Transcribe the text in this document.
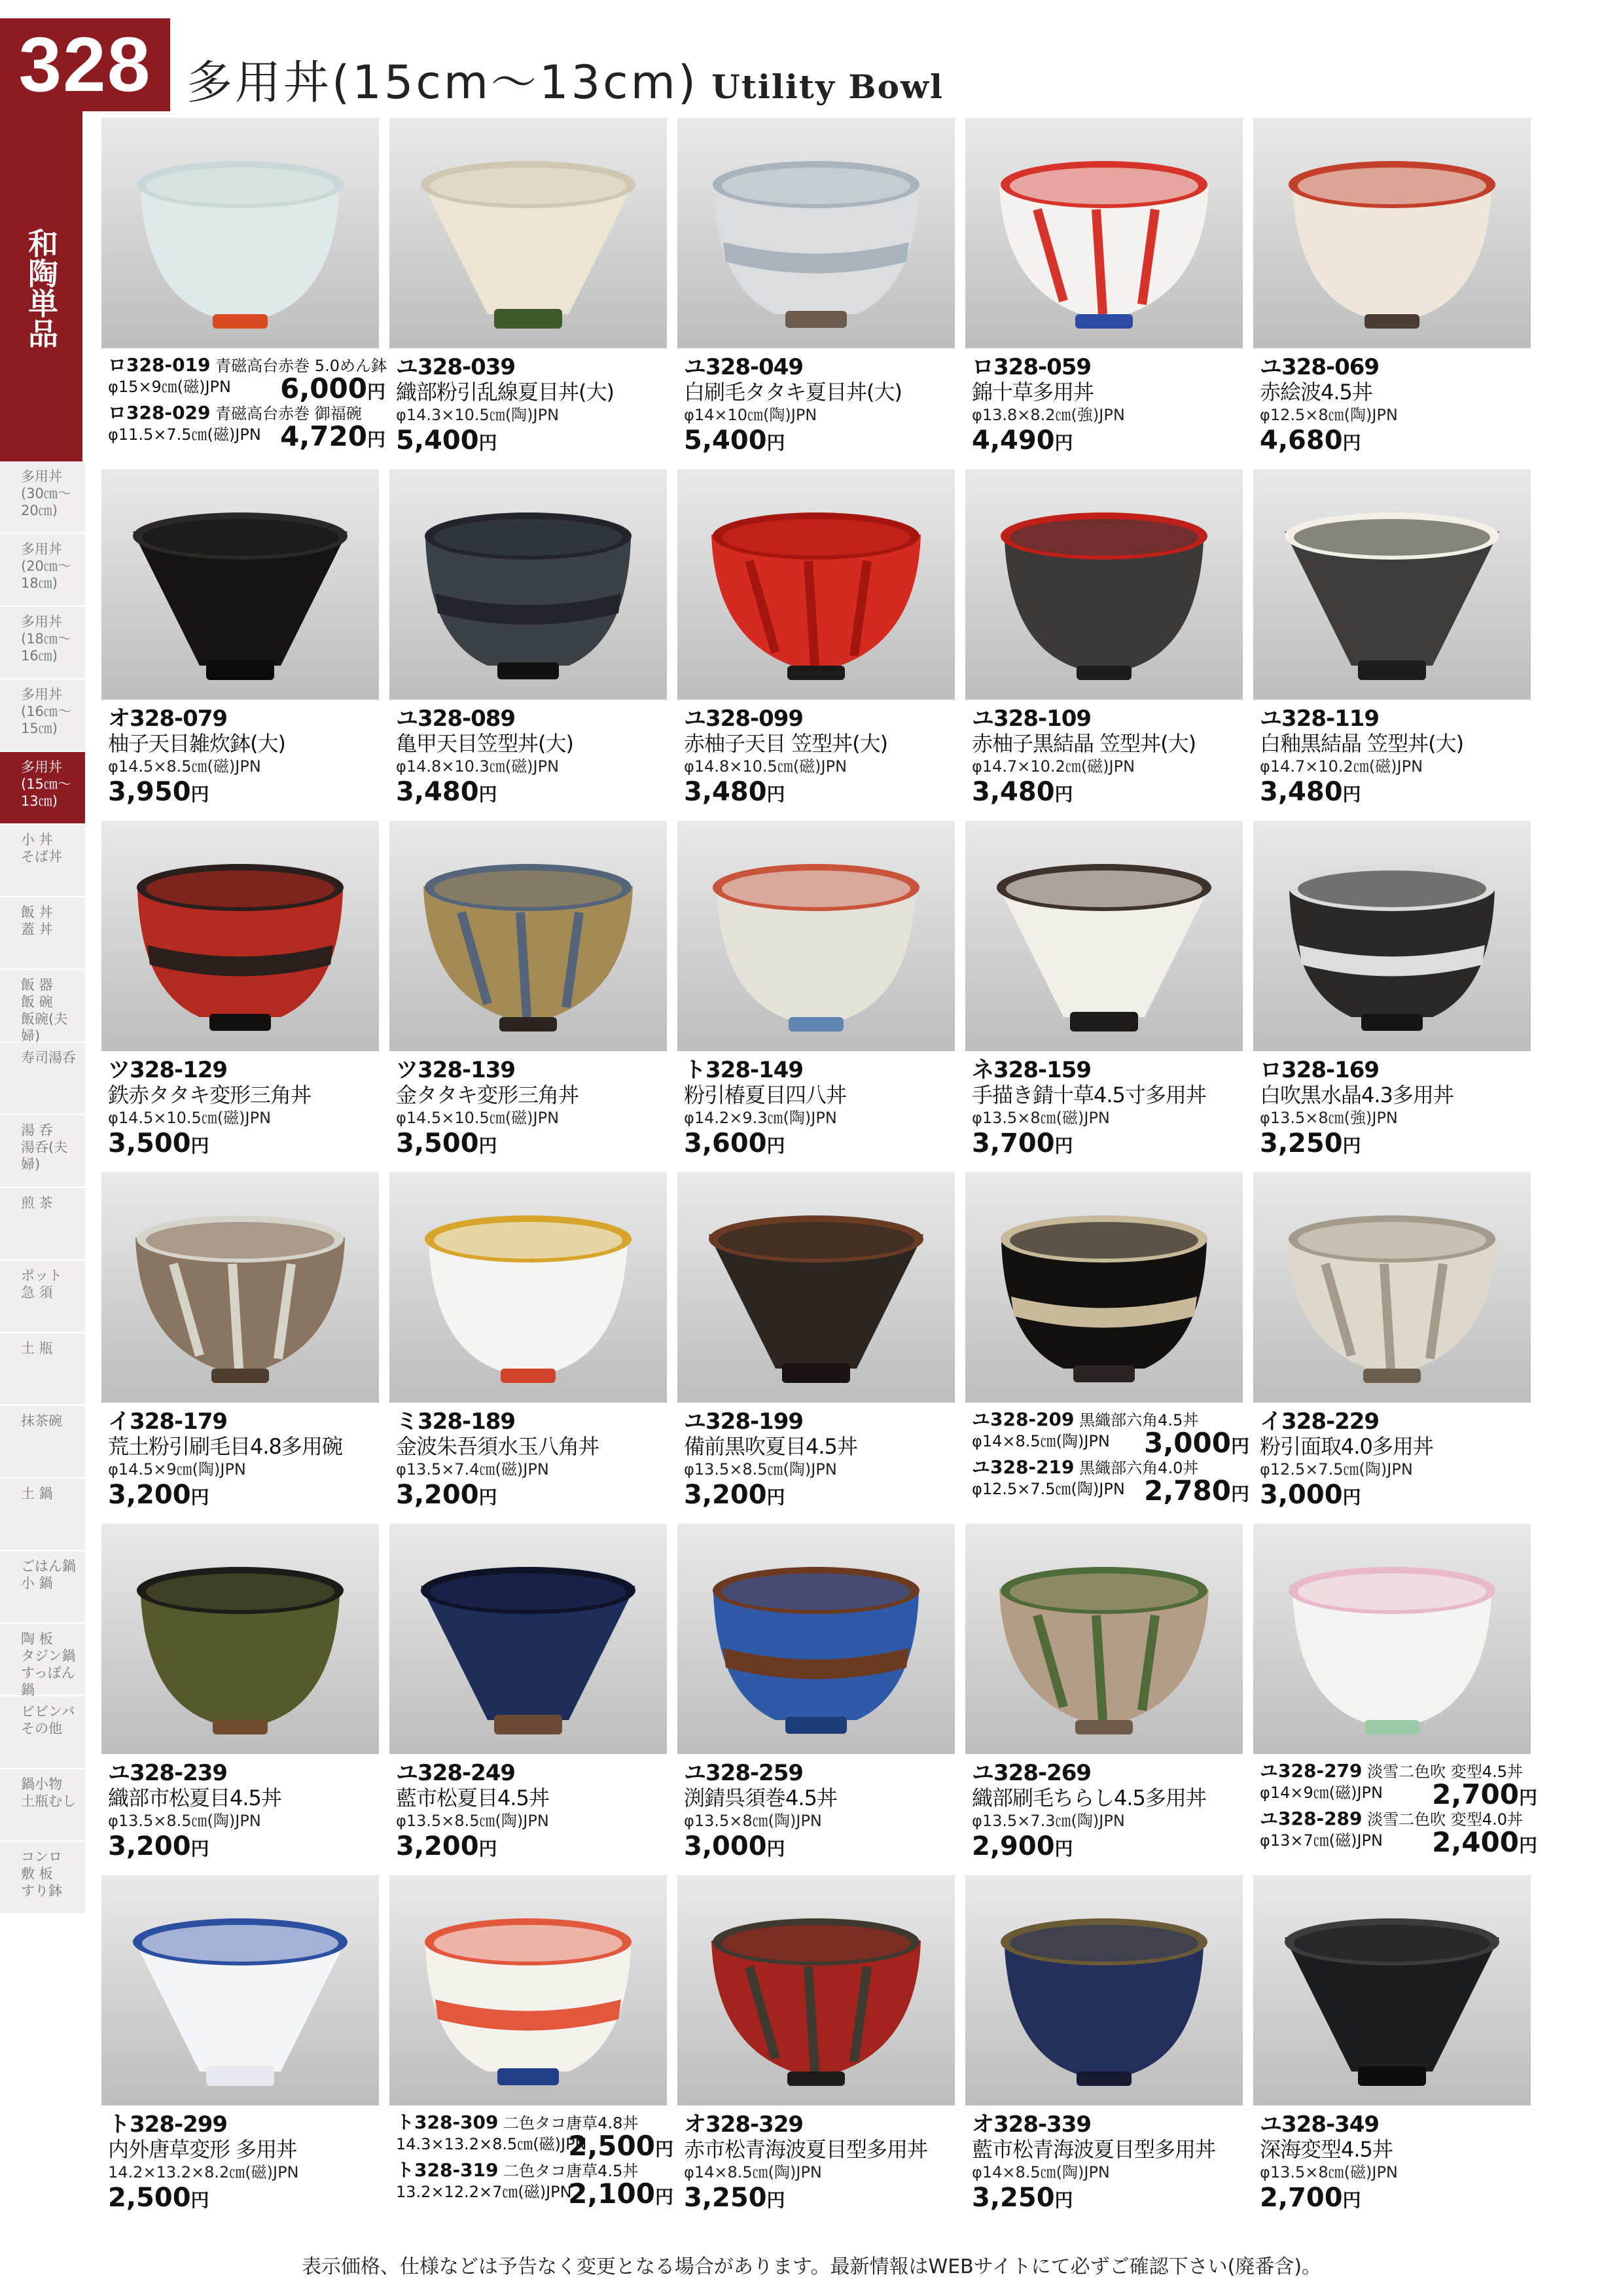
328 多用丼(15cm〜13cm) Utility Bowl
和陶単品
多用丼
(30㎝〜
20㎝)
多用丼
(20㎝〜
18㎝)
多用丼
(18㎝〜
16㎝)
多用丼
(16㎝〜
15㎝)
多用丼
(15㎝〜
13㎝)
小 丼
そば丼
飯 丼
蓋 丼
飯 器
飯 碗
飯碗(夫婦)
寿司湯呑
湯 呑
湯呑(夫婦)
煎 茶
ポット
急 須
土 瓶
抹茶碗
土 鍋
ごはん鍋
小 鍋
陶 板
タジン鍋
すっぽん鍋
ビビンバ
その他
鍋小物
土瓶むし
コンロ
敷 板
すり鉢
ロ328-019 青磁高台赤巻 5.0めん鉢
φ15×9㎝(磁)JPN 6,000円
ロ328-029 青磁高台赤巻 御福碗
φ11.5×7.5㎝(磁)JPN 4,720円
ユ328-039
織部粉引乱線夏目丼(大)
φ14.3×10.5㎝(陶)JPN
5,400円
ユ328-049
白刷毛タタキ夏目丼(大)
φ14×10㎝(陶)JPN
5,400円
ロ328-059
錦十草多用丼
φ13.8×8.2㎝(強)JPN
4,490円
ユ328-069
赤絵波4.5丼
φ12.5×8㎝(陶)JPN
4,680円
オ328-079
柚子天目雑炊鉢(大)
φ14.5×8.5㎝(磁)JPN
3,950円
ユ328-089
亀甲天目笠型丼(大)
φ14.8×10.3㎝(磁)JPN
3,480円
ユ328-099
赤柚子天目 笠型丼(大)
φ14.8×10.5㎝(磁)JPN
3,480円
ユ328-109
赤柚子黒結晶 笠型丼(大)
φ14.7×10.2㎝(磁)JPN
3,480円
ユ328-119
白釉黒結晶 笠型丼(大)
φ14.7×10.2㎝(磁)JPN
3,480円
ツ328-129
鉄赤タタキ変形三角丼
φ14.5×10.5㎝(磁)JPN
3,500円
ツ328-139
金タタキ変形三角丼
φ14.5×10.5㎝(磁)JPN
3,500円
ト328-149
粉引椿夏目四八丼
φ14.2×9.3㎝(陶)JPN
3,600円
ネ328-159
手描き錆十草4.5寸多用丼
φ13.5×8㎝(磁)JPN
3,700円
ロ328-169
白吹黒水晶4.3多用丼
φ13.5×8㎝(強)JPN
3,250円
イ328-179
荒土粉引刷毛目4.8多用碗
φ14.5×9㎝(陶)JPN
3,200円
ミ328-189
金波朱吾須水玉八角丼
φ13.5×7.4㎝(磁)JPN
3,200円
ユ328-199
備前黒吹夏目4.5丼
φ13.5×8.5㎝(陶)JPN
3,200円
ユ328-209 黒織部六角4.5丼
φ14×8.5㎝(陶)JPN 3,000円
ユ328-219 黒織部六角4.0丼
φ12.5×7.5㎝(陶)JPN 2,780円
イ328-229
粉引面取4.0多用丼
φ12.5×7.5㎝(陶)JPN
3,000円
ユ328-239
織部市松夏目4.5丼
φ13.5×8.5㎝(陶)JPN
3,200円
ユ328-249
藍市松夏目4.5丼
φ13.5×8.5㎝(陶)JPN
3,200円
ユ328-259
渕錆呉須巻4.5丼
φ13.5×8㎝(陶)JPN
3,000円
ユ328-269
織部刷毛ちらし4.5多用丼
φ13.5×7.3㎝(陶)JPN
2,900円
ユ328-279 淡雪二色吹 変型4.5丼
φ14×9㎝(磁)JPN 2,700円
ユ328-289 淡雪二色吹 変型4.0丼
φ13×7㎝(磁)JPN 2,400円
ト328-299
内外唐草変形 多用丼
14.2×13.2×8.2㎝(磁)JPN
2,500円
ト328-309 二色タコ唐草4.8丼
14.3×13.2×8.5㎝(磁)JPN
2,500円
ト328-319 二色タコ唐草4.5丼
13.2×12.2×7㎝(磁)JPN
2,100円
オ328-329
赤市松青海波夏目型多用丼
φ14×8.5㎝(陶)JPN
3,250円
オ328-339
藍市松青海波夏目型多用丼
φ14×8.5㎝(陶)JPN
3,250円
ユ328-349
深海変型4.5丼
φ13.5×8㎝(磁)JPN
2,700円
表示価格、仕様などは予告なく変更となる場合があります。最新情報はWEBサイトにて必ずご確認下さい(廃番含)。
